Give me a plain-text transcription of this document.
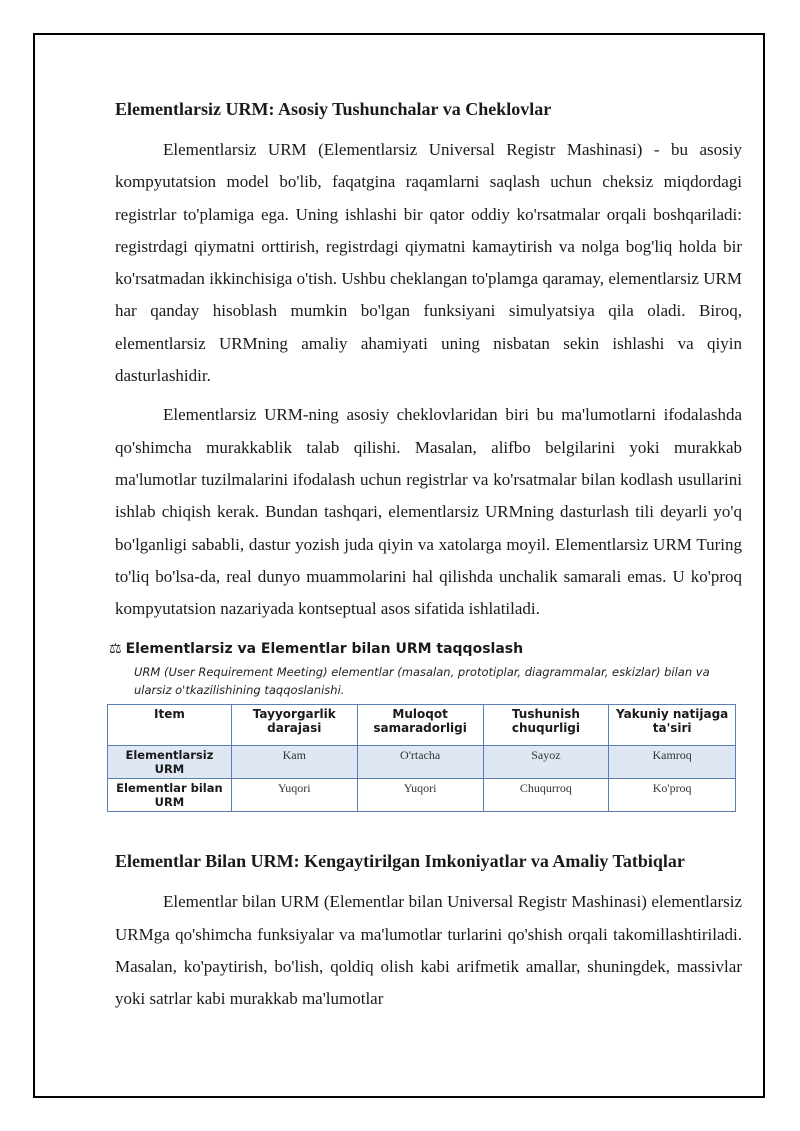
Elementlarsiz URM: Asosiy Tushunchalar va Cheklovlar

Elementlarsiz URM (Elementlarsiz Universal Registr Mashinasi) - bu asosiy kompyutatsion model bo'lib, faqatgina raqamlarni saqlash uchun cheksiz miqdordagi registrlar to'plamiga ega. Uning ishlashi bir qator oddiy ko'rsatmalar orqali boshqariladi: registrdagi qiymatni orttirish, registrdagi qiymatni kamaytirish va nolga bog'liq holda bir ko'rsatmadan ikkinchisiga o'tish. Ushbu cheklangan to'plamga qaramay, elementlarsiz URM har qanday hisoblash mumkin bo'lgan funksiyani simulyatsiya qila oladi. Biroq, elementlarsiz URMning amaliy ahamiyati uning nisbatan sekin ishlashi va qiyin dasturlashidir.

Elementlarsiz URM-ning asosiy cheklovlaridan biri bu ma'lumotlarni ifodalashda qo'shimcha murakkablik talab qilishi. Masalan, alifbo belgilarini yoki murakkab ma'lumotlar tuzilmalarini ifodalash uchun registrlar va ko'rsatmalar bilan kodlash usullarini ishlab chiqish kerak. Bundan tashqari, elementlarsiz URMning dasturlash tili deyarli yo'q bo'lganligi sababli, dastur yozish juda qiyin va xatolarga moyil. Elementlarsiz URM Turing to'liq bo'lsa-da, real dunyo muammolarini hal qilishda unchalik samarali emas. U ko'proq kompyutatsion nazariyada kontseptual asos sifatida ishlatiladi.

⚖ Elementlarsiz va Elementlar bilan URM taqqoslash
URM (User Requirement Meeting) elementlar (masalan, prototiplar, diagrammalar, eskizlar) bilan va ularsiz o'tkazilishining taqqoslanishi.
Item	Tayyorgarlik darajasi	Muloqot samaradorligi	Tushunish chuqurligi	Yakuniy natijaga ta'siri
Elementlarsiz URM	Kam	O'rtacha	Sayoz	Kamroq
Elementlar bilan URM	Yuqori	Yuqori	Chuqurroq	Ko'proq
Elementlar Bilan URM: Kengaytirilgan Imkoniyatlar va Amaliy Tatbiqlar

Elementlar bilan URM (Elementlar bilan Universal Registr Mashinasi) elementlarsiz URMga qo'shimcha funksiyalar va ma'lumotlar turlarini qo'shish orqali takomillashtiriladi. Masalan, ko'paytirish, bo'lish, qoldiq olish kabi arifmetik amallar, shuningdek, massivlar yoki satrlar kabi murakkab ma'lumotlar
